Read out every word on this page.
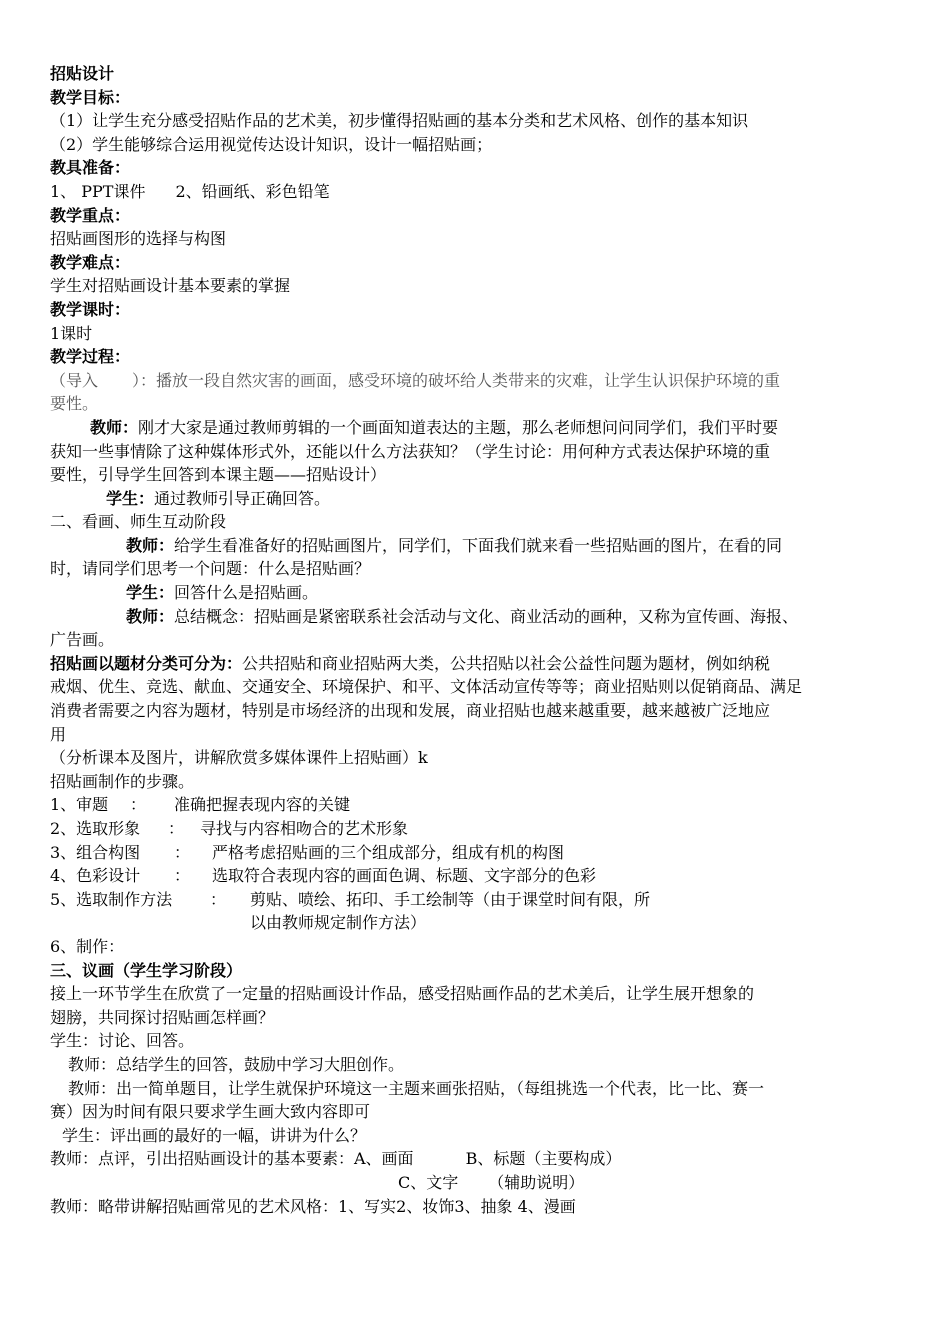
招贴设计
教学目标：
（1）让学生充分感受招贴作品的艺术美，初步懂得招贴画的基本分类和艺术风格、创作的基本知识
（2）学生能够综合运用视觉传达设计知识，设计一幅招贴画；
教具准备：
1、 PPT课件 2、铅画纸、彩色铅笔
教学重点：
招贴画图形的选择与构图
教学难点：
学生对招贴画设计基本要素的掌握
教学课时：
1课时
教学过程：
（导入 ）：播放一段自然灾害的画面，感受环境的破坏给人类带来的灾难，让学生认识保护环境的重
要性。
教师：刚才大家是通过教师剪辑的一个画面知道表达的主题，那么老师想问问同学们，我们平时要
获知一些事情除了这种媒体形式外，还能以什么方法获知？（学生讨论：用何种方式表达保护环境的重
要性，引导学生回答到本课主题——招贴设计）
学生：通过教师引导正确回答。
二、看画、师生互动阶段
教师：给学生看准备好的招贴画图片，同学们，下面我们就来看一些招贴画的图片，在看的同
时，请同学们思考一个问题：什么是招贴画？
学生：回答什么是招贴画。
教师：总结概念：招贴画是紧密联系社会活动与文化、商业活动的画种，又称为宣传画、海报、
广告画。
招贴画以题材分类可分为：公共招贴和商业招贴两大类，公共招贴以社会公益性问题为题材，例如纳税
戒烟、优生、竞选、献血、交通安全、环境保护、和平、文体活动宣传等等；商业招贴则以促销商品、满足
消费者需要之内容为题材，特别是市场经济的出现和发展，商业招贴也越来越重要，越来越被广泛地应
用
（分析课本及图片，讲解欣赏多媒体课件上招贴画）k
招贴画制作的步骤。
1、审题 ： 准确把握表现内容的关键
2、选取形象 ： 寻找与内容相吻合的艺术形象
3、组合构图 ： 严格考虑招贴画的三个组成部分，组成有机的构图
4、色彩设计 ： 选取符合表现内容的画面色调、标题、文字部分的色彩
5、选取制作方法 ： 剪贴、喷绘、拓印、手工绘制等（由于课堂时间有限，所
以由教师规定制作方法）
6、制作：
三、议画（学生学习阶段）
接上一环节学生在欣赏了一定量的招贴画设计作品，感受招贴画作品的艺术美后，让学生展开想象的
翅膀，共同探讨招贴画怎样画？
学生：讨论、回答。
教师：总结学生的回答，鼓励中学习大胆创作。
教师：出一简单题目，让学生就保护环境这一主题来画张招贴，（每组挑选一个代表，比一比、赛一
赛）因为时间有限只要求学生画大致内容即可
学生：评出画的最好的一幅，讲讲为什么？
教师：点评，引出招贴画设计的基本要素：A、画面	B、标题（主要构成）
C、文字 （辅助说明）
教师：略带讲解招贴画常见的艺术风格：1、写实2、妆饰3、抽象 4、漫画
